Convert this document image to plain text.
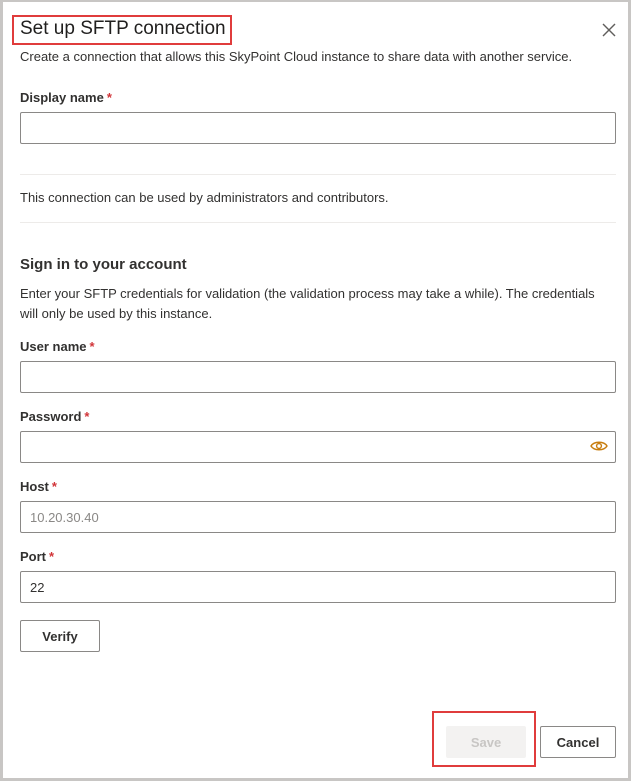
Set up SFTP connection
Create a connection that allows this SkyPoint Cloud instance to share data with another service.
Display name *
This connection can be used by administrators and contributors.
Sign in to your account
Enter your SFTP credentials for validation (the validation process may take a while). The credentials will only be used by this instance.
User name *
Password *
Host *
10.20.30.40
Port *
22
Verify
Save	Cancel
